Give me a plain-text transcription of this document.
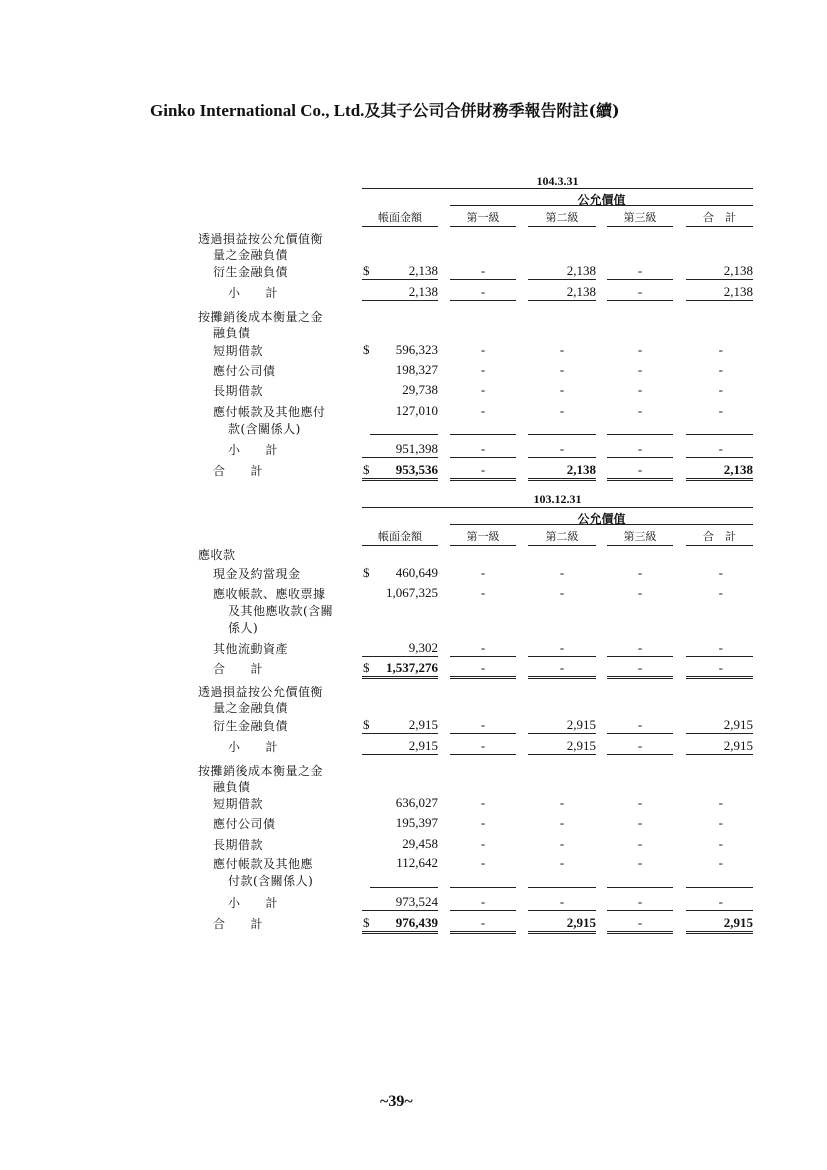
Ginko International Co., Ltd.及其子公司合併財務季報告附註(續)
104.3.31
公允價值
帳面金額	第一級	第二級	第三級	合　計
透過損益按公允價值衡
量之金融負債
衍生金融負債	$	2,138	-	2,138	-	2,138
小　　計	2,138	-	2,138	-	2,138
按攤銷後成本衡量之金
融負債
短期借款	$	596,323	-	-	-	-
應付公司債	198,327	-	-	-	-
長期借款	29,738	-	-	-	-
應付帳款及其他應付
款(含關係人)
127,010	-	-	-	-
小　　計	951,398	-	-	-	-
合　　計	$	953,536	-	2,138	-	2,138
103.12.31
公允價值
帳面金額	第一級	第二級	第三級	合　計
應收款
現金及約當現金	$	460,649	-	-	-	-
應收帳款、應收票據
及其他應收款(含關
係人)
1,067,325	-	-	-	-
其他流動資產	9,302	-	-	-	-
合　　計	$	1,537,276	-	-	-	-
透過損益按公允價值衡
量之金融負債
衍生金融負債	$	2,915	-	2,915	-	2,915
小　　計	2,915	-	2,915	-	2,915
按攤銷後成本衡量之金
融負債
短期借款	636,027	-	-	-	-
應付公司債	195,397	-	-	-	-
長期借款	29,458	-	-	-	-
應付帳款及其他應
付款(含關係人)
112,642	-	-	-	-
小　　計	973,524	-	-	-	-
合　　計	$	976,439	-	2,915	-	2,915
~39~
